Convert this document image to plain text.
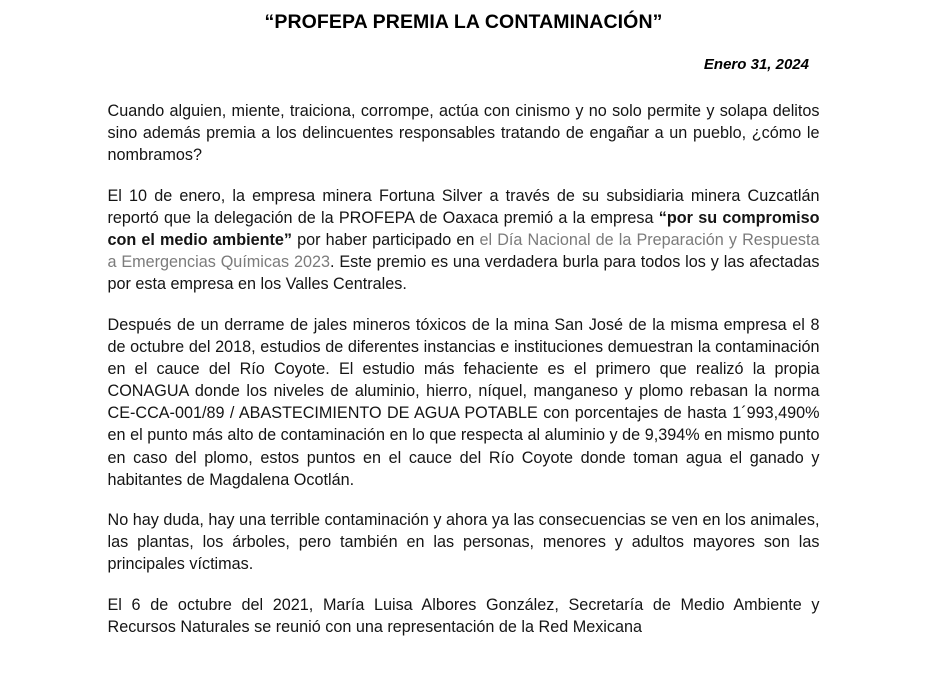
“PROFEPA PREMIA LA CONTAMINACIÓN”
Enero 31, 2024

Cuando alguien, miente, traiciona, corrompe, actúa con cinismo y no solo permite y solapa delitos sino además premia a los delincuentes responsables tratando de engañar a un pueblo, ¿cómo le nombramos?

El 10 de enero, la empresa minera Fortuna Silver a través de su subsidiaria minera Cuzcatlán reportó que la delegación de la PROFEPA de Oaxaca premió a la empresa “por su compromiso con el medio ambiente” por haber participado en el Día Nacional de la Preparación y Respuesta a Emergencias Químicas 2023. Este premio es una verdadera burla para todos los y las afectadas por esta empresa en los Valles Centrales.

Después de un derrame de jales mineros tóxicos de la mina San José de la misma empresa el 8 de octubre del 2018, estudios de diferentes instancias e instituciones demuestran la contaminación en el cauce del Río Coyote. El estudio más fehaciente es el primero que realizó la propia CONAGUA donde los niveles de aluminio, hierro, níquel, manganeso y plomo rebasan la norma CE-CCA-001/89 / ABASTECIMIENTO DE AGUA POTABLE con porcentajes de hasta 1´993,490% en el punto más alto de contaminación en lo que respecta al aluminio y de 9,394% en mismo punto en caso del plomo, estos puntos en el cauce del Río Coyote donde toman agua el ganado y habitantes de Magdalena Ocotlán.

No hay duda, hay una terrible contaminación y ahora ya las consecuencias se ven en los animales, las plantas, los árboles, pero también en las personas, menores y adultos mayores son las principales víctimas.

El 6 de octubre del 2021, María Luisa Albores González, Secretaría de Medio Ambiente y Recursos Naturales se reunió con una representación de la Red Mexicana
